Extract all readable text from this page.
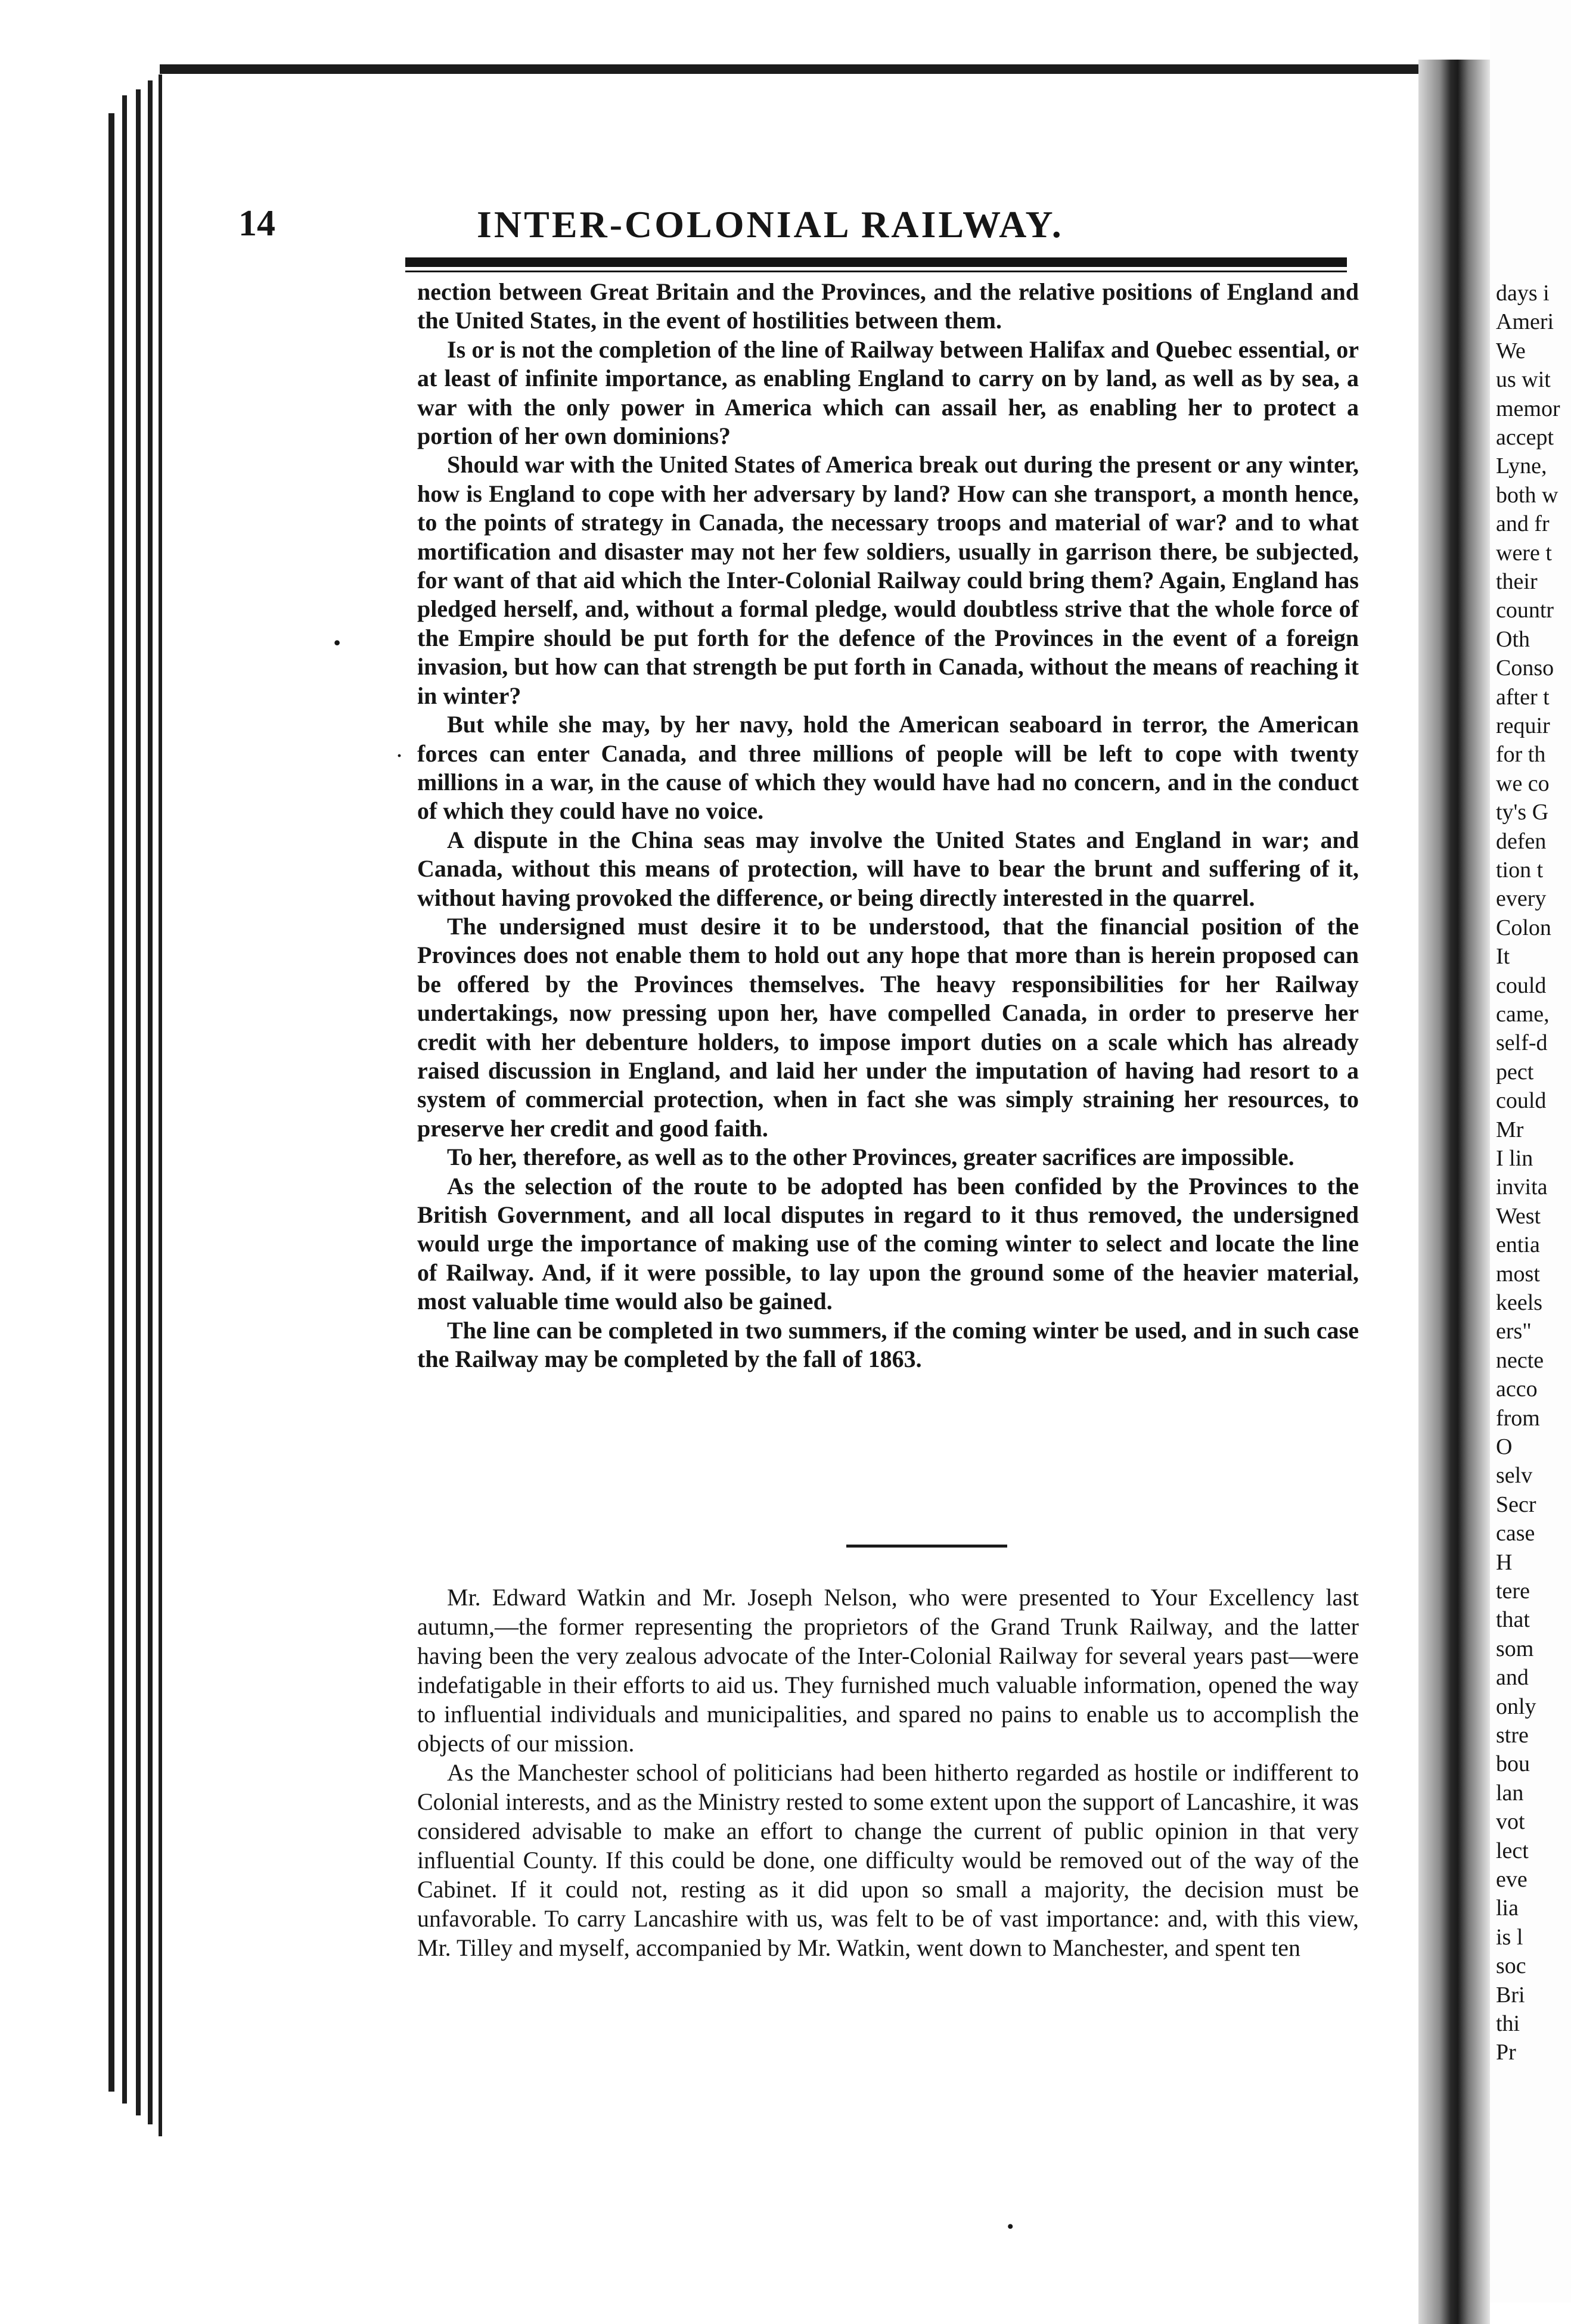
14	INTER-COLONIAL RAILWAY.

nection between Great Britain and the Provinces, and the relative positions of England and the United States, in the event of hostilities between them.

Is or is not the completion of the line of Railway between Halifax and Quebec essential, or at least of infinite importance, as enabling England to carry on by land, as well as by sea, a war with the only power in America which can assail her, as enabling her to protect a portion of her own dominions?

Should war with the United States of America break out during the present or any winter, how is England to cope with her adversary by land? How can she transport, a month hence, to the points of strategy in Canada, the necessary troops and material of war? and to what mortification and disaster may not her few soldiers, usually in garrison there, be subjected, for want of that aid which the Inter-Colonial Railway could bring them? Again, England has pledged herself, and, without a formal pledge, would doubtless strive that the whole force of the Empire should be put forth for the defence of the Provinces in the event of a foreign invasion, but how can that strength be put forth in Canada, without the means of reaching it in winter?

But while she may, by her navy, hold the American seaboard in terror, the American forces can enter Canada, and three millions of people will be left to cope with twenty millions in a war, in the cause of which they would have had no concern, and in the conduct of which they could have no voice.

A dispute in the China seas may involve the United States and England in war; and Canada, without this means of protection, will have to bear the brunt and suffering of it, without having provoked the difference, or being directly interested in the quarrel.

The undersigned must desire it to be understood, that the financial position of the Provinces does not enable them to hold out any hope that more than is herein proposed can be offered by the Provinces themselves. The heavy responsibilities for her Railway undertakings, now pressing upon her, have compelled Canada, in order to preserve her credit with her debenture holders, to impose import duties on a scale which has already raised discussion in England, and laid her under the imputation of having had resort to a system of commercial protection, when in fact she was simply straining her resources, to preserve her credit and good faith.

To her, therefore, as well as to the other Provinces, greater sacrifices are impossible.

As the selection of the route to be adopted has been confided by the Provinces to the British Government, and all local disputes in regard to it thus removed, the undersigned would urge the importance of making use of the coming winter to select and locate the line of Railway. And, if it were possible, to lay upon the ground some of the heavier material, most valuable time would also be gained.

The line can be completed in two summers, if the coming winter be used, and in such case the Railway may be completed by the fall of 1863.

Mr. Edward Watkin and Mr. Joseph Nelson, who were presented to Your Excellency last autumn,—the former representing the proprietors of the Grand Trunk Railway, and the latter having been the very zealous advocate of the Inter-Colonial Railway for several years past—were indefatigable in their efforts to aid us. They furnished much valuable information, opened the way to influential individuals and municipalities, and spared no pains to enable us to accomplish the objects of our mission.

As the Manchester school of politicians had been hitherto regarded as hostile or indifferent to Colonial interests, and as the Ministry rested to some extent upon the support of Lancashire, it was considered advisable to make an effort to change the current of public opinion in that very influential County. If this could be done, one difficulty would be removed out of the way of the Cabinet. If it could not, resting as it did upon so small a majority, the decision must be unfavorable. To carry Lancashire with us, was felt to be of vast importance: and, with this view, Mr. Tilley and myself, accompanied by Mr. Watkin, went down to Manchester, and spent ten

•
·
•
days i
Ameri
We
us wit
memor
accept
Lyne,
both w
and fr
were t
their
countr
Oth
Conso
after t
requir
for th
we co
ty's G
defen
tion t
every
Colon
It
could
came,
self-d
pect
could
Mr
I lin
invita
West
entia
most
keels
ers"
necte
acco
from
O
selv
Secr
case
H
tere
that
som
and
only
stre
bou
lan
vot
lect
eve
lia
is l
soc
Bri
thi
Pr
